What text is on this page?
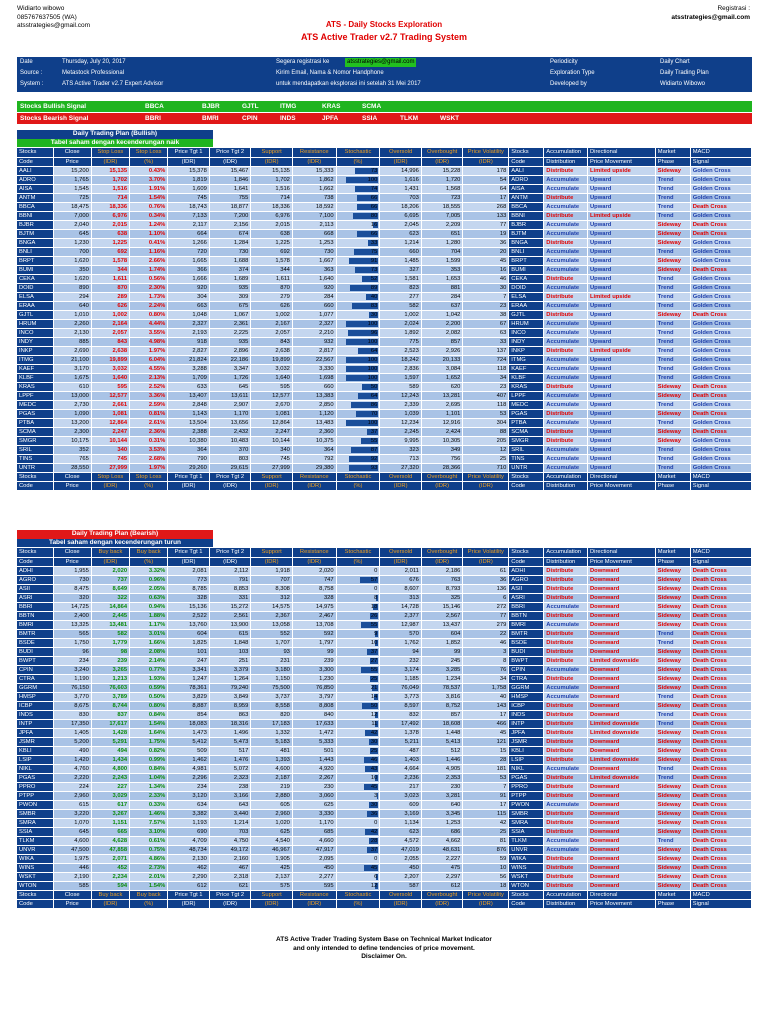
Widiarto wibowo
085767637505 (WA)
atsstrategies@gmail.com	ATS - Daily Stocks Exploration
ATS Active Trader v2.7 Trading System
Registrasi :
atsstrategies@gmail.com
Date	Thursday, July 20, 2017
Source :	Metastock Professional
System :	ATS Active Trader v2.7 Expert Advisor
Segera registrasi ke	atsstrategies@gmail.com
Kirim Email, Nama & Nomor Handphone
untuk mendapatkan eksplorasi ini setelah 31 Mei 2017
Periodicity	Daily Chart
Exploration Type	Daily Trading Plan
Developed by	Widiarto Wibowo
Stocks Bullish Signal	BBCA	BJBR	GJTL	ITMG	KRAS	SCMA
Stocks Bearish Signal	BBRI	BMRI	CPIN	INDS	JPFA	SSIA	TLKM	WSKT
Daily Trading Plan (Bullish)
Tabel saham dengan kecenderungan naik
Stocks	Close	Stop Loss	Stop Loss	Price Tgt 1	Price Tgt 2	Support	Resistance	Stochastic	Oversold	Overbought	Price Volatility	Stocks	Accumulation	Directional	Market	MACD
Code	Price	(IDR)	(%)	(IDR)	(IDR)	(IDR)	(IDR)	(%)	(IDR)	(IDR)	(IDR)	Code	Distribution	Price Movement	Phase	Signal
AALI	15,200	15,135	0.43%	15,378	15,467	15,135	15,333	73	14,996	15,228	178	AALI	Distribute	Limited upside	Sideway	Golden Cross
ADRO	1,765	1,702	3.70%	1,819	1,846	1,702	1,862	100	1,616	1,720	54	ADRO	Accumulate	Upward	Trend	Golden Cross
AISA	1,545	1,516	1.91%	1,609	1,641	1,516	1,662	74	1,431	1,568	64	AISA	Accumulate	Upward	Trend	Golden Cross
ANTM	725	714	1.54%	745	755	714	738	66	703	723	17	ANTM	Distribute	Upward	Trend	Golden Cross
BBCA	18,475	18,336	0.76%	18,743	18,877	18,336	18,592	66	18,206	18,555	268	BBCA	Accumulate	Upward	Trend	Death Cross
BBNI	7,000	6,976	0.34%	7,133	7,200	6,976	7,100	80	6,695	7,005	133	BBNI	Distribute	Limited upside	Trend	Golden Cross
BJBR	2,040	2,015	1.24%	2,117	2,156	2,015	2,113	16	2,045	2,209	77	BJBR	Accumulate	Upward	Sideway	Death Cross
BJTM	645	638	1.10%	664	674	638	668	66	623	651	19	BJTM	Accumulate	Upward	Sideway	Death Cross
BNGA	1,230	1,225	0.41%	1,266	1,284	1,225	1,253	33	1,214	1,280	36	BNGA	Distribute	Upward	Sideway	Golden Cross
BNLI	700	692	1.16%	720	730	692	730	75	660	704	20	BNLI	Accumulate	Upward	Trend	Golden Cross
BRPT	1,620	1,578	2.66%	1,665	1,688	1,578	1,667	91	1,485	1,599	45	BRPT	Accumulate	Upward	Sideway	Golden Cross
BUMI	350	344	1.74%	366	374	344	363	73	327	353	16	BUMI	Accumulate	Upward	Sideway	Death Cross
CEKA	1,620	1,611	0.56%	1,666	1,689	1,611	1,640	52	1,581	1,653	46	CEKA	Distribute	Upward	Trend	Golden Cross
DOID	890	870	2.30%	920	935	870	920	89	823	881	30	DOID	Accumulate	Upward	Trend	Golden Cross
ELSA	294	289	1.73%	304	309	279	284	40	277	284	7	ELSA	Distribute	Limited upside	Trend	Golden Cross
ERAA	640	626	2.24%	663	675	626	660	83	582	637	23	ERAA	Accumulate	Upward	Trend	Golden Cross
GJTL	1,010	1,002	0.80%	1,048	1,067	1,002	1,077	30	1,002	1,042	38	GJTL	Distribute	Upward	Sideway	Death Cross
HRUM	2,260	2,164	4.44%	2,327	2,361	2,167	2,327	100	2,024	2,200	67	HRUM	Accumulate	Upward	Trend	Golden Cross
INCO	2,130	2,057	3.55%	2,193	2,225	2,057	2,210	96	1,892	2,082	63	INCO	Accumulate	Upward	Trend	Golden Cross
INDY	885	843	4.98%	918	935	843	932	100	775	857	33	INDY	Accumulate	Upward	Trend	Golden Cross
INKP	2,690	2,638	1.97%	2,827	2,896	2,638	2,817	64	2,523	2,926	137	INKP	Distribute	Limited upside	Trend	Golden Cross
ITMG	21,100	19,899	6.04%	21,824	22,186	19,899	22,567	100	18,242	20,133	724	ITMG	Accumulate	Upward	Trend	Golden Cross
KAEF	3,170	3,032	4.55%	3,288	3,347	3,032	3,330	100	2,836	3,084	118	KAEF	Accumulate	Upward	Trend	Golden Cross
KLBF	1,675	1,640	2.13%	1,709	1,726	1,640	1,698	100	1,597	1,652	34	KLBF	Accumulate	Upward	Trend	Golden Cross
KRAS	610	595	2.52%	633	645	595	660	50	589	620	23	KRAS	Distribute	Upward	Sideway	Death Cross
LPPF	13,000	12,577	3.36%	13,407	13,611	12,577	13,383	64	12,243	13,281	407	LPPF	Accumulate	Upward	Sideway	Death Cross
MEDC	2,730	2,661	2.59%	2,848	2,907	2,670	2,850	86	2,339	2,695	118	MEDC	Accumulate	Upward	Trend	Golden Cross
PGAS	1,090	1,081	0.81%	1,143	1,170	1,081	1,120	70	1,039	1,101	53	PGAS	Distribute	Upward	Sideway	Death Cross
PTBA	13,200	12,864	2.61%	13,504	13,656	12,864	13,483	100	12,234	12,916	304	PTBA	Accumulate	Upward	Trend	Golden Cross
SCMA	2,300	2,247	2.36%	2,388	2,432	2,247	2,360	37	2,245	2,424	88	SCMA	Distribute	Upward	Sideway	Death Cross
SMGR	10,175	10,144	0.31%	10,380	10,483	10,144	10,375	55	9,995	10,305	205	SMGR	Distribute	Upward	Sideway	Golden Cross
SRIL	352	340	3.53%	364	370	340	364	87	323	349	12	SRIL	Accumulate	Upward	Trend	Golden Cross
TINS	765	745	2.68%	790	803	745	792	92	713	756	25	TINS	Accumulate	Upward	Trend	Golden Cross
UNTR	28,550	27,999	1.97%	29,260	29,615	27,999	29,380	93	27,320	28,366	710	UNTR	Accumulate	Upward	Trend	Golden Cross
Stocks	Close	Stop Loss	Stop Loss	Price Tgt 1	Price Tgt 2	Support	Resistance	Stochastic	Oversold	Overbought	Price Volatility	Stocks	Accumulation	Directional	Market	MACD
Code	Price	(IDR)	(%)	(IDR)	(IDR)	(IDR)	(IDR)	(%)	(IDR)	(IDR)	(IDR)	Code	Distribution	Price Movement	Phase	Signal
Daily Trading Plan (Bearish)
Tabel saham dengan kecenderungan turun
Stocks	Close	Buy back	Buy back	Price Tgt 1	Price Tgt 2	Support	Resistance	Stochastic	Oversold	Overbought	Price Volatility	Stocks	Accumulation	Directional	Market	MACD
Code	Price	(IDR)	(%)	(IDR)	(IDR)	(IDR)	(IDR)	(%)	(IDR)	(IDR)	(IDR)	Code	Distribution	Price Movement	Phase	Signal
ADHI	1,955	2,020	3.32%	2,081	2,112	1,918	2,020	0	2,011	2,186	61	ADHI	Distribute	Downward	Sideway	Death Cross
AGRO	730	737	0.96%	773	791	707	747	57	676	763	36	AGRO	Distribute	Downward	Sideway	Death Cross
ASII	8,475	8,649	2.05%	8,785	8,853	8,308	8,758	0	8,607	8,793	136	ASII	Distribute	Downward	Sideway	Death Cross
ASRI	320	322	0.63%	328	331	312	328	8	313	325	6	ASRI	Distribute	Downward	Sideway	Death Cross
BBRI	14,725	14,864	0.94%	15,136	15,272	14,575	14,975	18	14,728	15,146	272	BBRI	Accumulate	Downward	Sideway	Death Cross
BBTN	2,400	2,445	1.88%	2,522	2,561	2,367	2,467	26	2,377	2,567	77	BBTN	Distribute	Downward	Sideway	Death Cross
BMRI	13,325	13,481	1.17%	13,760	13,900	13,058	13,708	55	12,987	13,437	279	BMRI	Accumulate	Downward	Sideway	Death Cross
BMTR	565	582	3.01%	604	615	552	592	9	570	604	22	BMTR	Distribute	Downward	Trend	Death Cross
BSDE	1,750	1,779	1.66%	1,825	1,848	1,707	1,797	10	1,762	1,852	46	BSDE	Distribute	Downward	Trend	Death Cross
BUDI	96	98	2.08%	101	103	93	99	37	94	99	3	BUDI	Distribute	Downward	Sideway	Death Cross
BWPT	234	239	2.14%	247	251	231	239	27	232	245	8	BWPT	Distribute	Limited downside	Sideway	Death Cross
CPIN	3,240	3,265	0.77%	3,341	3,379	3,180	3,300	55	3,174	3,285	76	CPIN	Accumulate	Downward	Sideway	Death Cross
CTRA	1,190	1,213	1.93%	1,247	1,264	1,150	1,230	25	1,185	1,234	34	CTRA	Distribute	Downward	Sideway	Death Cross
GGRM	76,150	76,603	0.59%	78,361	79,240	75,500	76,850	21	76,049	78,537	1,758	GGRM	Accumulate	Downward	Sideway	Death Cross
HMSP	3,770	3,789	0.50%	3,829	3,849	3,737	3,797	14	3,773	3,816	40	HMSP	Accumulate	Downward	Trend	Death Cross
ICBP	8,675	8,744	0.80%	8,887	8,959	8,558	8,808	50	8,597	8,752	143	ICBP	Distribute	Downward	Sideway	Death Cross
INDS	830	837	0.84%	854	863	820	840	12	832	857	17	INDS	Distribute	Downward	Trend	Death Cross
INTP	17,350	17,617	1.54%	18,083	18,316	17,183	17,633	11	17,492	18,608	466	INTP	Distribute	Limited downside	Trend	Death Cross
JPFA	1,405	1,428	1.64%	1,473	1,496	1,332	1,472	42	1,378	1,448	45	JPFA	Distribute	Limited downside	Sideway	Death Cross
JSMR	5,200	5,291	1.75%	5,412	5,473	5,183	5,333	30	5,211	5,413	121	JSMR	Distribute	Downward	Sideway	Death Cross
KBLI	490	494	0.82%	509	517	481	501	25	487	512	15	KBLI	Distribute	Downward	Sideway	Death Cross
LSIP	1,420	1,434	0.99%	1,462	1,476	1,393	1,443	46	1,403	1,446	28	LSIP	Distribute	Limited downside	Sideway	Death Cross
NIKL	4,760	4,800	0.84%	4,981	5,072	4,600	4,920	43	4,664	4,905	181	NIKL	Accumulate	Downward	Trend	Death Cross
PGAS	2,220	2,243	1.04%	2,296	2,323	2,187	2,267	10	2,236	2,353	53	PGAS	Distribute	Limited downside	Trend	Death Cross
PPRO	224	227	1.34%	234	238	219	230	45	217	230	7	PPRO	Distribute	Downward	Sideway	Death Cross
PTPP	2,960	3,029	2.33%	3,120	3,166	2,880	3,060	3	3,023	3,281	91	PTPP	Distribute	Downward	Sideway	Death Cross
PWON	615	617	0.33%	634	643	605	625	30	609	640	17	PWON	Accumulate	Downward	Sideway	Death Cross
SMBR	3,220	3,267	1.46%	3,382	3,440	2,960	3,330	36	3,169	3,345	115	SMBR	Distribute	Downward	Sideway	Death Cross
SMRA	1,070	1,151	7.57%	1,193	1,214	1,020	1,170	0	1,134	1,253	42	SMRA	Distribute	Downward	Sideway	Death Cross
SSIA	645	665	3.10%	690	703	625	685	42	623	686	25	SSIA	Distribute	Downward	Sideway	Death Cross
TLKM	4,600	4,628	0.61%	4,709	4,750	4,540	4,660	28	4,572	4,662	81	TLKM	Accumulate	Downward	Trend	Death Cross
UNVR	47,500	47,858	0.75%	48,734	49,172	46,967	47,917	37	47,019	48,631	876	UNVR	Accumulate	Downward	Sideway	Death Cross
WIKA	1,975	2,071	4.86%	2,130	2,160	1,905	2,095	0	2,055	2,227	59	WIKA	Distribute	Downward	Sideway	Death Cross
WINS	446	452	2.73%	462	467	425	450	45	450	475	10	WINS	Distribute	Downward	Sideway	Death Cross
WSKT	2,190	2,234	2.01%	2,290	2,318	2,137	2,277	6	2,207	2,297	56	WSKT	Distribute	Downward	Sideway	Death Cross
WTON	585	594	1.54%	612	621	575	595	12	587	612	18	WTON	Distribute	Downward	Sideway	Death Cross
Stocks	Close	Buy back	Buy back	Price Tgt 1	Price Tgt 2	Support	Resistance	Stochastic	Oversold	Overbought	Price Volatility	Stocks	Accumulation	Directional	Market	MACD
Code	Price	(IDR)	(%)	(IDR)	(IDR)	(IDR)	(IDR)	(%)	(IDR)	(IDR)	(IDR)	Code	Distribution	Price Movement	Phase	Signal
ATS Active Trader Trading System Base on Technical Market Indicator
and only intended to define tendencies of price movement.
Disclaimer On.
